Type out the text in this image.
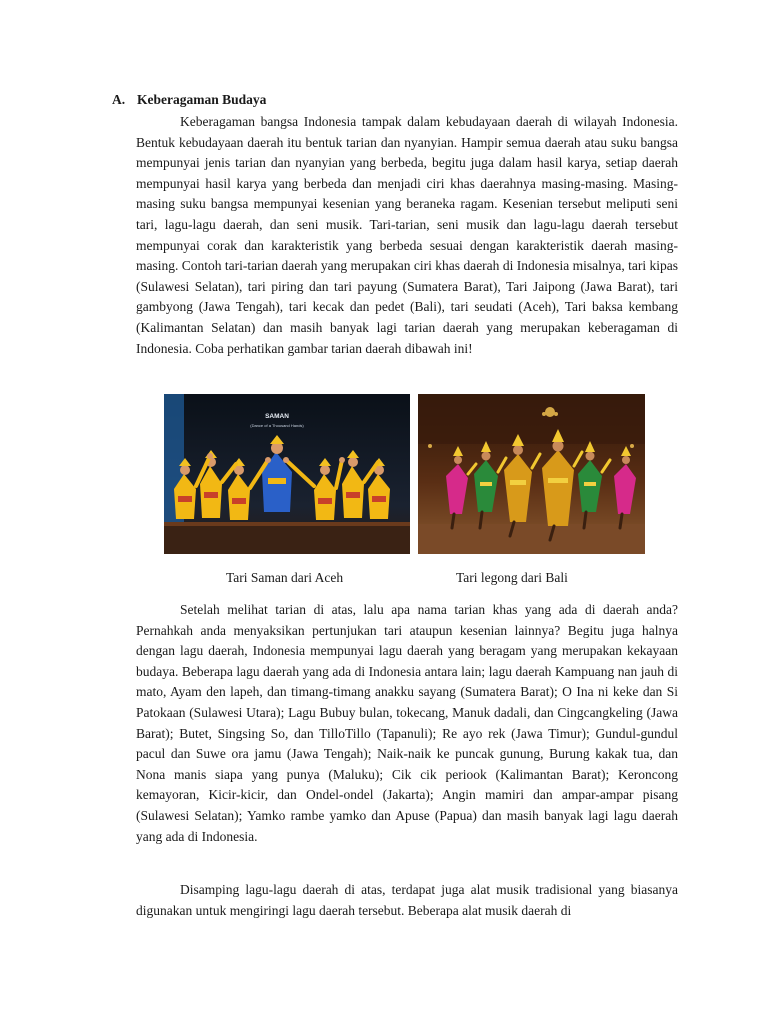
A. Keberagaman Budaya

Keberagaman bangsa Indonesia tampak dalam kebudayaan daerah di wilayah Indonesia. Bentuk kebudayaan daerah itu bentuk tarian dan nyanyian. Hampir semua daerah atau suku bangsa mempunyai jenis tarian dan nyanyian yang berbeda, begitu juga dalam hasil karya, setiap daerah mempunyai hasil karya yang berbeda dan menjadi ciri khas daerahnya masing-masing. Masing-masing suku bangsa mempunyai kesenian yang beraneka ragam. Kesenian tersebut meliputi seni tari, lagu-lagu daerah, dan seni musik. Tari-tarian, seni musik dan lagu-lagu daerah tersebut mempunyai corak dan karakteristik yang berbeda sesuai dengan karakteristik daerah masing-masing. Contoh tari-tarian daerah yang merupakan ciri khas daerah di Indonesia misalnya, tari kipas (Sulawesi Selatan), tari piring dan tari payung (Sumatera Barat), Tari Jaipong (Jawa Barat), tari gambyong (Jawa Tengah), tari kecak dan pedet (Bali), tari seudati (Aceh), Tari baksa kembang (Kalimantan Selatan) dan masih banyak lagi tarian daerah yang merupakan keberagaman di Indonesia. Coba perhatikan gambar tarian daerah dibawah ini!

SAMAN
(Dance of a Thousand Hands)
Tari Saman dari Aceh	Tari legong dari Bali

Setelah melihat tarian di atas, lalu apa nama tarian khas yang ada di daerah anda? Pernahkah anda menyaksikan pertunjukan tari ataupun kesenian lainnya? Begitu juga halnya dengan lagu daerah, Indonesia mempunyai lagu daerah yang beragam yang merupakan kekayaan budaya. Beberapa lagu daerah yang ada di Indonesia antara lain; lagu daerah Kampuang nan jauh di mato, Ayam den lapeh, dan timang-timang anakku sayang (Sumatera Barat); O Ina ni keke dan Si Patokaan (Sulawesi Utara); Lagu Bubuy bulan, tokecang, Manuk dadali, dan Cingcangkeling (Jawa Barat); Butet, Singsing So, dan TilloTillo (Tapanuli); Re ayo rek (Jawa Timur); Gundul-gundul pacul dan Suwe ora jamu (Jawa Tengah); Naik-naik ke puncak gunung, Burung kakak tua, dan Nona manis siapa yang punya (Maluku); Cik cik periook (Kalimantan Barat); Keroncong kemayoran, Kicir-kicir, dan Ondel-ondel (Jakarta); Angin mamiri dan ampar-ampar pisang (Sulawesi Selatan); Yamko rambe yamko dan Apuse (Papua) dan masih banyak lagi lagu daerah yang ada di Indonesia.

Disamping lagu-lagu daerah di atas, terdapat juga alat musik tradisional yang biasanya digunakan untuk mengiringi lagu daerah tersebut. Beberapa alat musik daerah di
